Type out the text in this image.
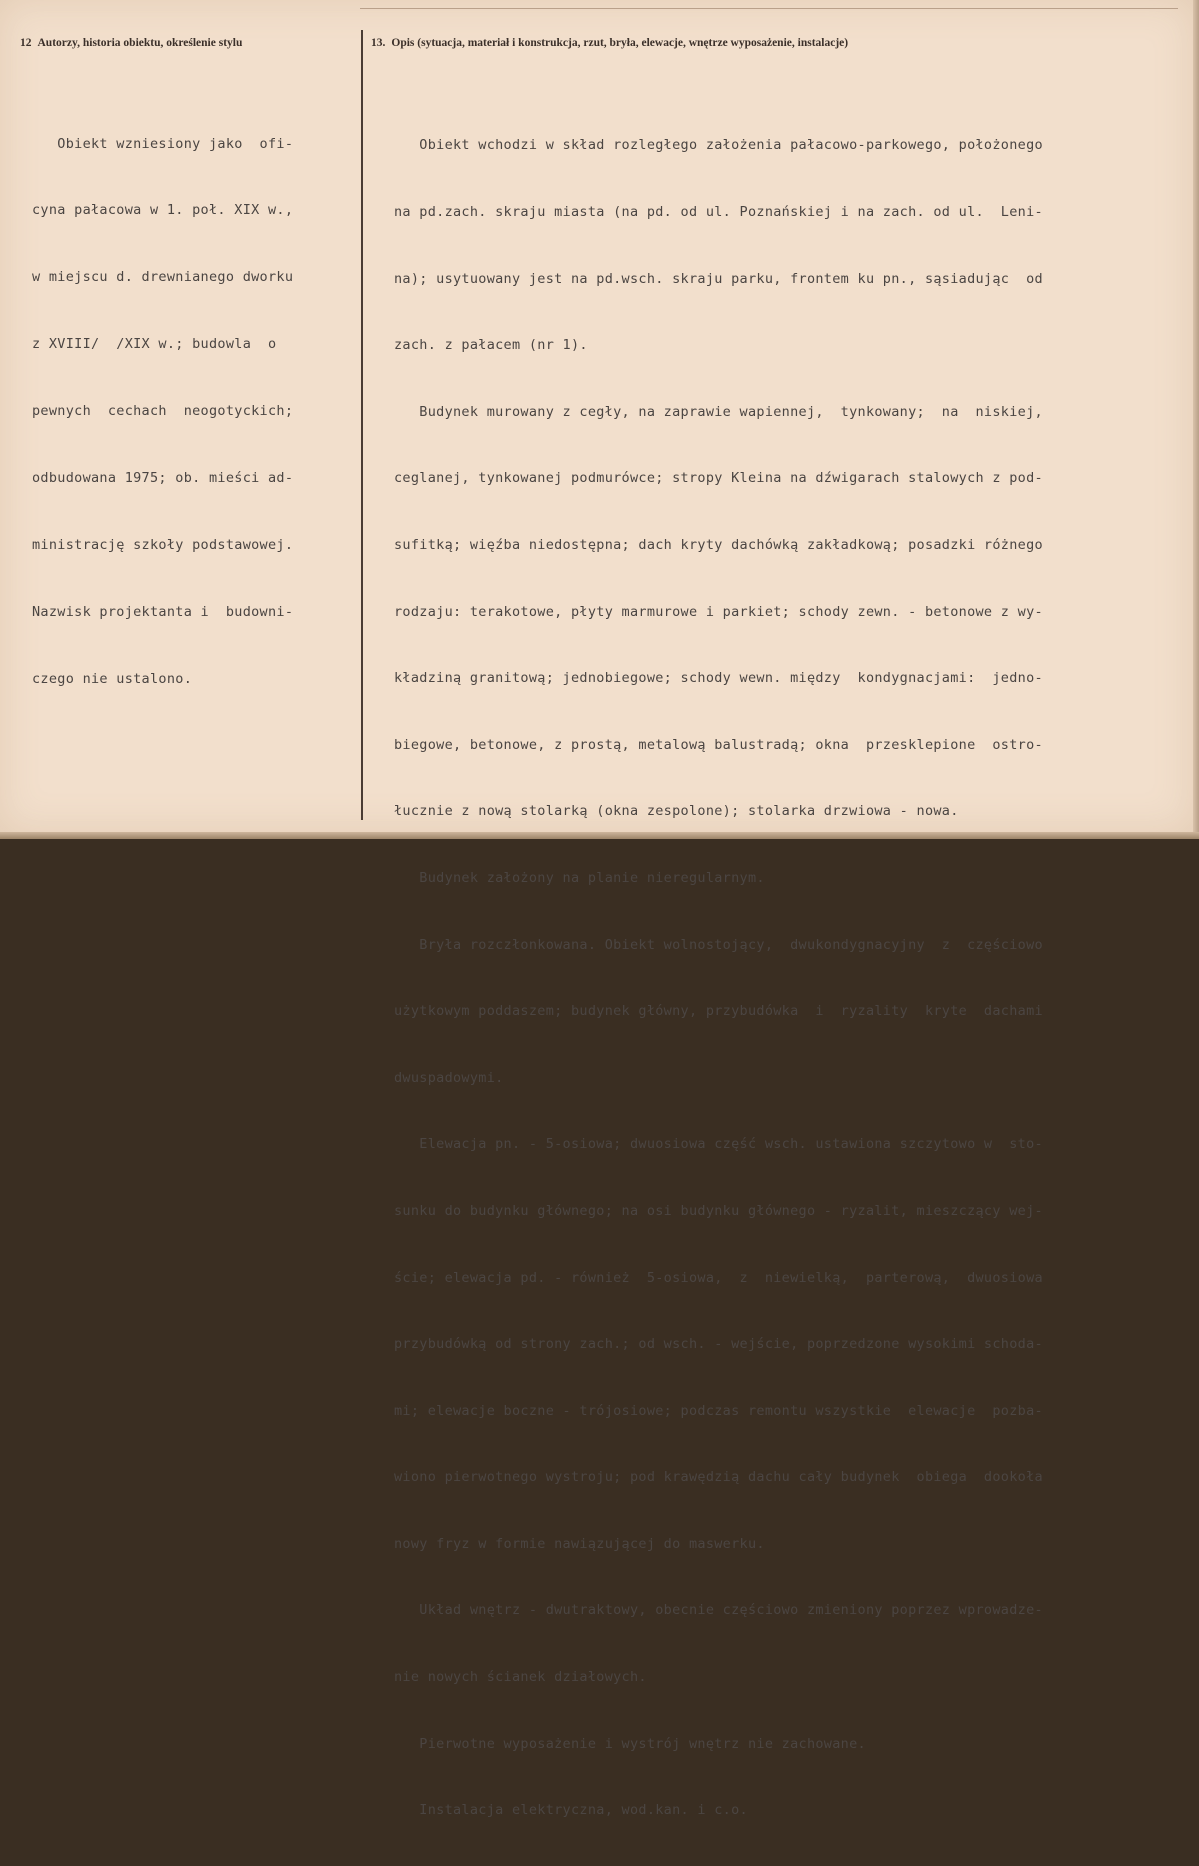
12 Autorzy, historia obiektu, określenie stylu	13. Opis (sytuacja, materiał i konstrukcja, rzut, bryła, elewacje, wnętrze wyposażenie, instalacje)

Obiekt wzniesiony jako  ofi-

cyna pałacowa w 1. poł. XIX w.,

w miejscu d. drewnianego dworku

z XVIII/  /XIX w.; budowla  o

pewnych  cechach  neogotyckich;

odbudowana 1975; ob. mieści ad-

ministrację szkoły podstawowej.

Nazwisk projektanta i  budowni-

czego nie ustalono.

Obiekt wchodzi w skład rozległego założenia pałacowo-parkowego, położonego

na pd.zach. skraju miasta (na pd. od ul. Poznańskiej i na zach. od ul.  Leni-

na); usytuowany jest na pd.wsch. skraju parku, frontem ku pn., sąsiadując  od

zach. z pałacem (nr 1).

Budynek murowany z cegły, na zaprawie wapiennej,  tynkowany;  na  niskiej,

ceglanej, tynkowanej podmurówce; stropy Kleina na dźwigarach stalowych z pod-

sufitką; więźba niedostępna; dach kryty dachówką zakładkową; posadzki różnego

rodzaju: terakotowe, płyty marmurowe i parkiet; schody zewn. - betonowe z wy-

kładziną granitową; jednobiegowe; schody wewn. między  kondygnacjami:  jedno-

biegowe, betonowe, z prostą, metalową balustradą; okna  przesklepione  ostro-

łucznie z nową stolarką (okna zespolone); stolarka drzwiowa - nowa.

Budynek założony na planie nieregularnym.

Bryła rozczłonkowana. Obiekt wolnostojący,  dwukondygnacyjny  z  częściowo

użytkowym poddaszem; budynek główny, przybudówka  i  ryzality  kryte  dachami

dwuspadowymi.

Elewacja pn. - 5-osiowa; dwuosiowa część wsch. ustawiona szczytowo w  sto-

sunku do budynku głównego; na osi budynku głównego - ryzalit, mieszczący wej-

ście; elewacja pd. - również  5-osiowa,  z  niewielką,  parterową,  dwuosiowa

przybudówką od strony zach.; od wsch. - wejście, poprzedzone wysokimi schoda-

mi; elewacje boczne - trójosiowe; podczas remontu wszystkie  elewacje  pozba-

wiono pierwotnego wystroju; pod krawędzią dachu cały budynek  obiega  dookoła

nowy fryz w formie nawiązującej do maswerku.

Układ wnętrz - dwutraktowy, obecnie częściowo zmieniony poprzez wprowadze-

nie nowych ścianek działowych.

Pierwotne wyposażenie i wystrój wnętrz nie zachowane.

Instalacja elektryczna, wod.kan. i c.o.
